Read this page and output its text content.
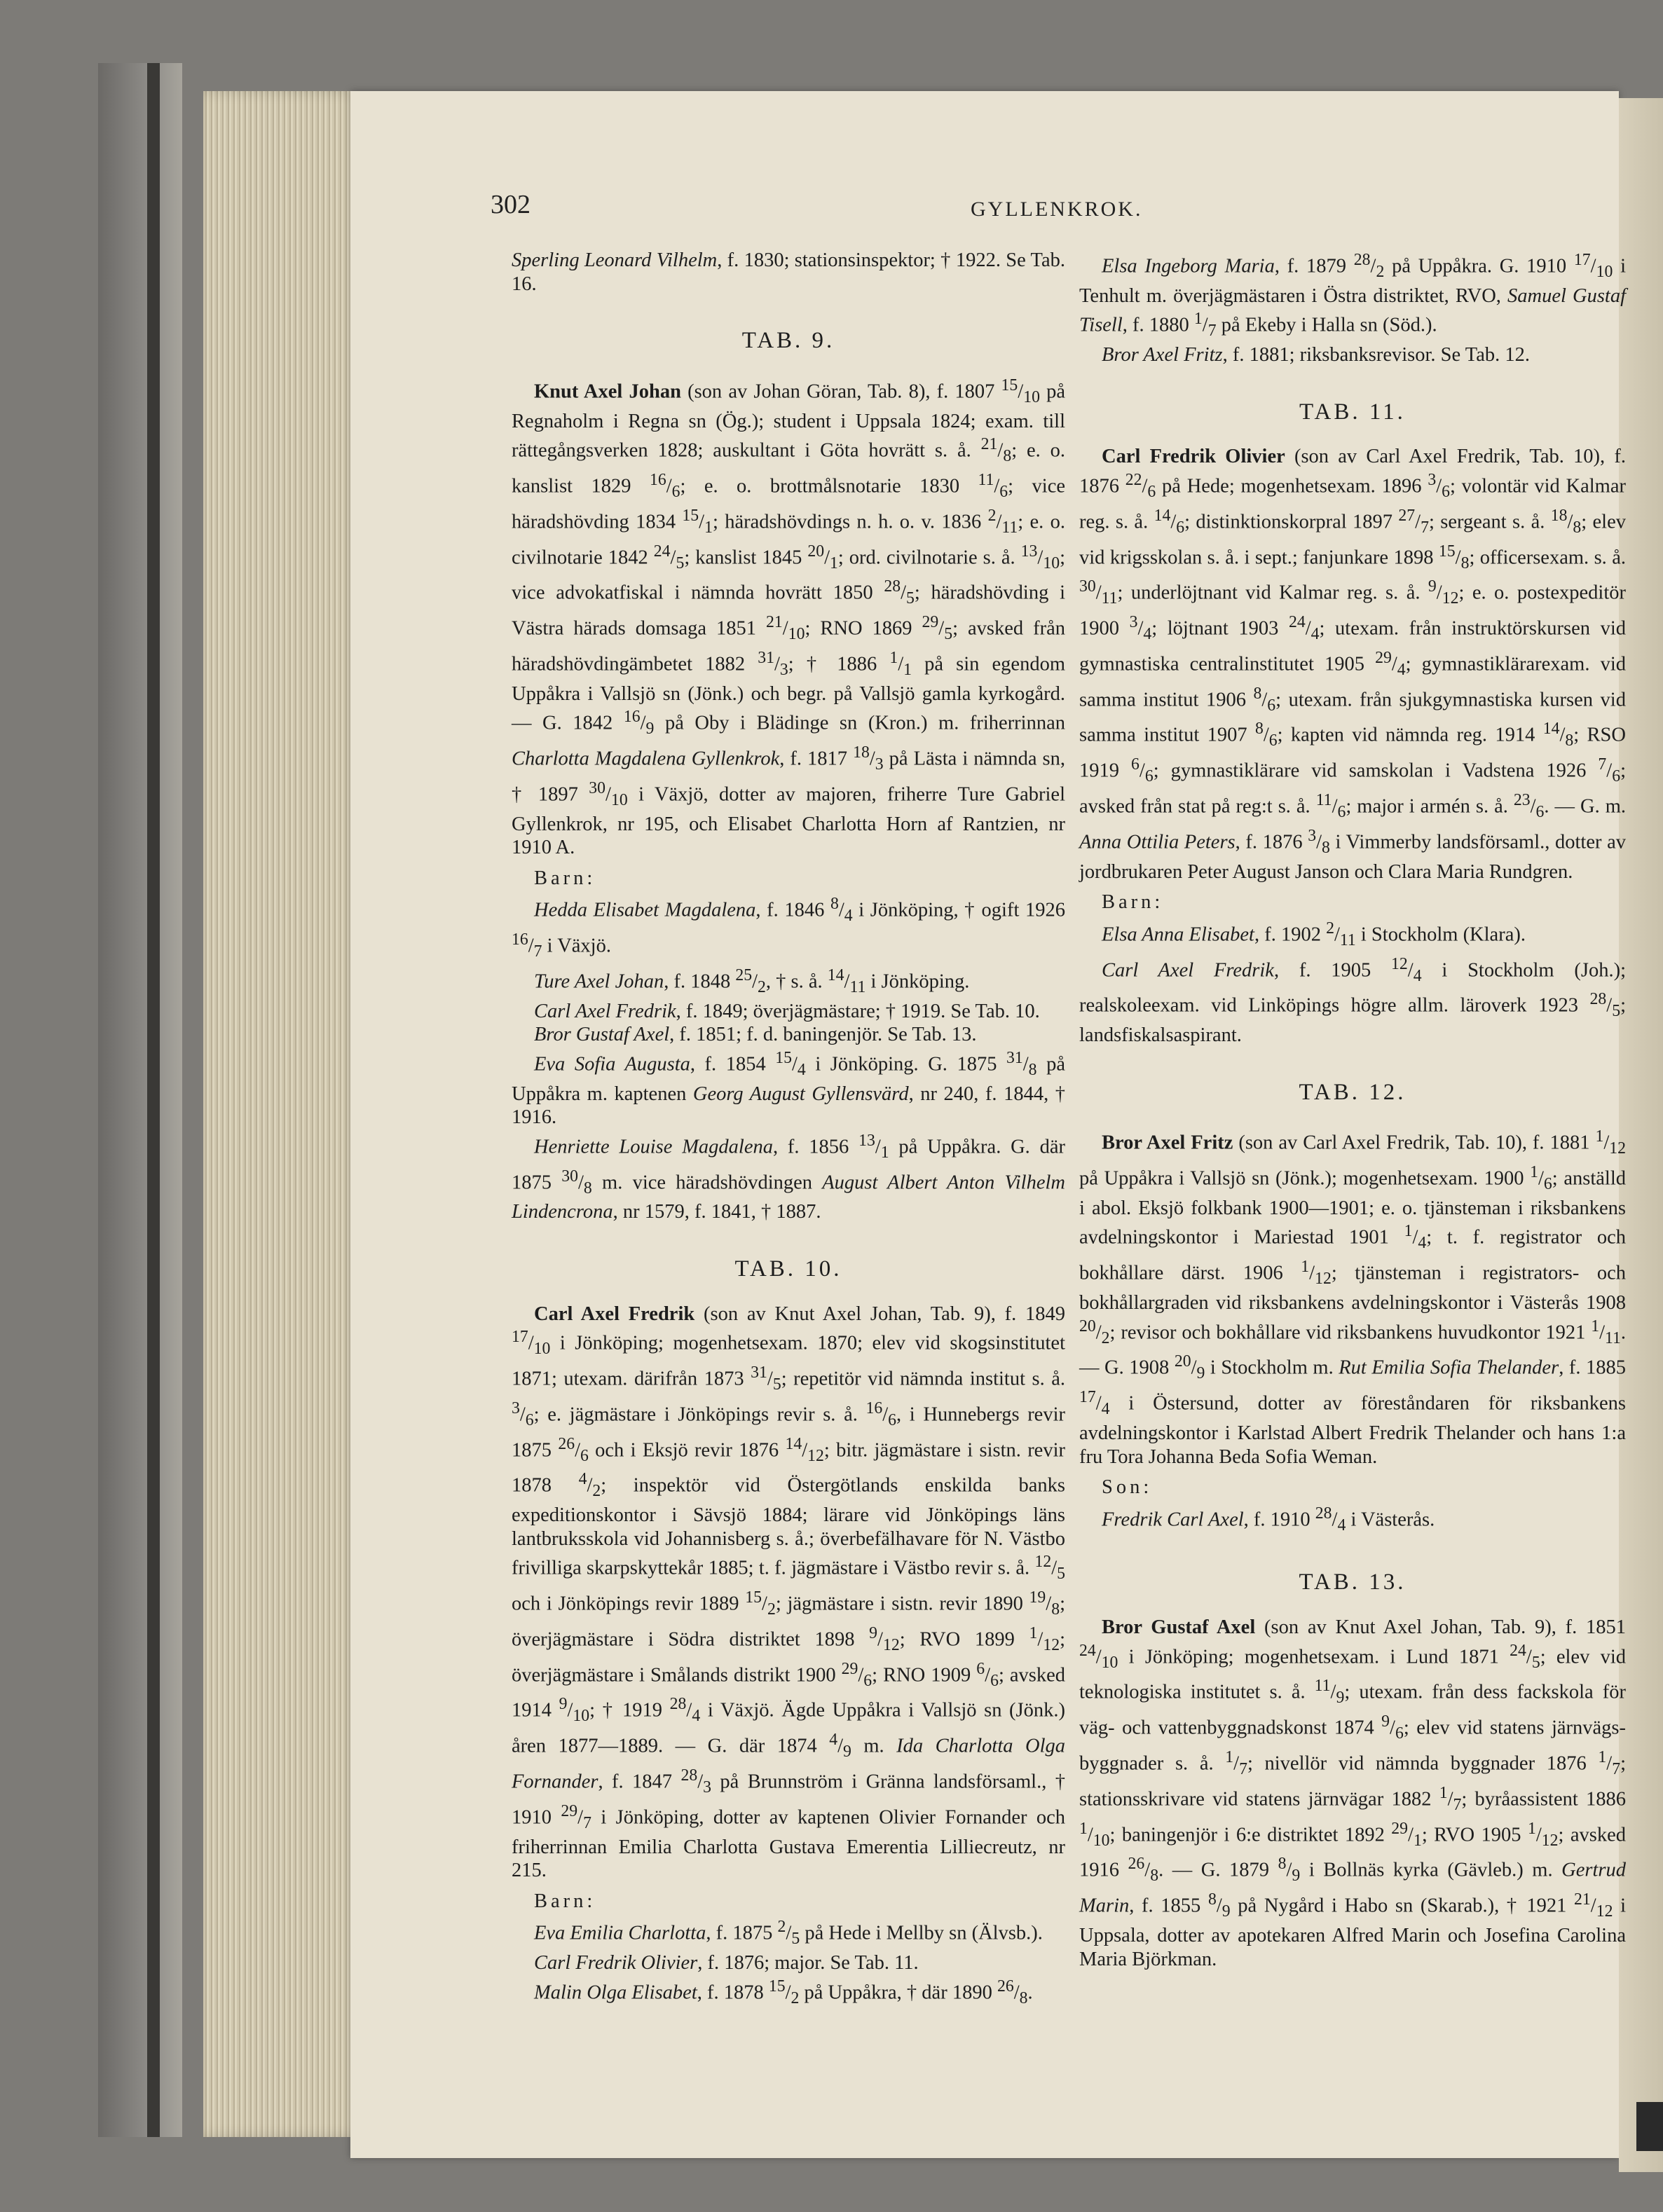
302	GYLLENKROK.

Sperling Leonard Vilhelm, f. 1830; stationsinspektor; † 1922. Se Tab. 16.

TAB. 9.

Knut Axel Johan (son av Johan Göran, Tab. 8), f. 1807 $^{15}/_{10}$ på Regnaholm i Regna sn (Ög.); student i Uppsala 1824; exam. till rättegångsverken 1828; auskultant i Göta hovrätt s. å. $^{21}/_8$; e. o. kanslist 1829 $^{16}/_6$; e. o. brottmålsnotarie 1830 $^{11}/_6$; vice häradshövding 1834 $^{15}/_1$; häradshövdings n. h. o. v. 1836 $^2/_{11}$; e. o. civilnotarie 1842 $^{24}/_5$; kanslist 1845 $^{20}/_1$; ord. civilnotarie s. å. $^{13}/_{10}$; vice advokatfiskal i nämnda hovrätt 1850 $^{28}/_5$; häradshövding i Västra härads domsaga 1851 $^{21}/_{10}$; RNO 1869 $^{29}/_5$; avsked från häradshövdingämbetet 1882 $^{31}/_3$; † 1886 $^1/_1$ på sin egendom Uppåkra i Vallsjö sn (Jönk.) och begr. på Vallsjö gamla kyrkogård. — G. 1842 $^{16}/_9$ på Oby i Blädinge sn (Kron.) m. friherrinnan Charlotta Magdalena Gyllenkrok, f. 1817 $^{18}/_3$ på Lästa i nämnda sn, † 1897 $^{30}/_{10}$ i Växjö, dotter av majoren, friherre Ture Gabriel Gyllenkrok, nr 195, och Elisabet Charlotta Horn af Rantzien, nr 1910 A.

Barn:

Hedda Elisabet Magdalena, f. 1846 $^8/_4$ i Jönköping, † ogift 1926 $^{16}/_7$ i Växjö.

Ture Axel Johan, f. 1848 $^{25}/_2$, † s. å. $^{14}/_{11}$ i Jönköping.

Carl Axel Fredrik, f. 1849; överjägmästare; † 1919. Se Tab. 10.

Bror Gustaf Axel, f. 1851; f. d. baningenjör. Se Tab. 13.

Eva Sofia Augusta, f. 1854 $^{15}/_4$ i Jönköping. G. 1875 $^{31}/_8$ på Uppåkra m. kaptenen Georg August Gyllensvärd, nr 240, f. 1844, † 1916.

Henriette Louise Magdalena, f. 1856 $^{13}/_1$ på Uppåkra. G. där 1875 $^{30}/_8$ m. vice häradshövdingen August Albert Anton Vilhelm Lindencrona, nr 1579, f. 1841, † 1887.

TAB. 10.

Carl Axel Fredrik (son av Knut Axel Johan, Tab. 9), f. 1849 $^{17}/_{10}$ i Jönköping; mogenhetsexam. 1870; elev vid skogsinstitutet 1871; utexam. därifrån 1873 $^{31}/_5$; repetitör vid nämnda institut s. å. $^3/_6$; e. jägmästare i Jönköpings revir s. å. $^{16}/_6$, i Hunnebergs revir 1875 $^{26}/_6$ och i Eksjö revir 1876 $^{14}/_{12}$; bitr. jägmästare i sistn. revir 1878 $^4/_2$; inspektör vid Östergötlands enskilda banks expeditionskontor i Sävsjö 1884; lärare vid Jönköpings läns lantbruksskola vid Johannisberg s. å.; överbefälhavare för N. Västbo frivilliga skarpskyttekår 1885; t. f. jägmästare i Västbo revir s. å. $^{12}/_5$ och i Jönköpings revir 1889 $^{15}/_2$; jägmästare i sistn. revir 1890 $^{19}/_8$; överjägmästare i Södra distriktet 1898 $^9/_{12}$; RVO 1899 $^1/_{12}$; överjägmästare i Smålands distrikt 1900 $^{29}/_6$; RNO 1909 $^6/_6$; avsked 1914 $^9/_{10}$; † 1919 $^{28}/_4$ i Växjö. Ägde Uppåkra i Vallsjö sn (Jönk.) åren 1877—1889. — G. där 1874 $^4/_9$ m. Ida Charlotta Olga Fornander, f. 1847 $^{28}/_3$ på Brunnström i Gränna landsförsaml., † 1910 $^{29}/_7$ i Jönköping, dotter av kaptenen Olivier Fornander och friherrinnan Emilia Charlotta Gustava Emerentia Lilliecreutz, nr 215.

Barn:

Eva Emilia Charlotta, f. 1875 $^2/_5$ på Hede i Mellby sn (Älvsb.).

Carl Fredrik Olivier, f. 1876; major. Se Tab. 11.

Malin Olga Elisabet, f. 1878 $^{15}/_2$ på Uppåkra, † där 1890 $^{26}/_8$.

Elsa Ingeborg Maria, f. 1879 $^{28}/_2$ på Uppåkra. G. 1910 $^{17}/_{10}$ i Tenhult m. överjägmästaren i Östra distriktet, RVO, Samuel Gustaf Tisell, f. 1880 $^1/_7$ på Ekeby i Halla sn (Söd.).

Bror Axel Fritz, f. 1881; riksbanksrevisor. Se Tab. 12.

TAB. 11.

Carl Fredrik Olivier (son av Carl Axel Fredrik, Tab. 10), f. 1876 $^{22}/_6$ på Hede; mogenhetsexam. 1896 $^3/_6$; volontär vid Kalmar reg. s. å. $^{14}/_6$; distinktionskorpral 1897 $^{27}/_7$; sergeant s. å. $^{18}/_8$; elev vid krigsskolan s. å. i sept.; fanjunkare 1898 $^{15}/_8$; officersexam. s. å. $^{30}/_{11}$; underlöjtnant vid Kalmar reg. s. å. $^9/_{12}$; e. o. postexpeditör 1900 $^3/_4$; löjtnant 1903 $^{24}/_4$; utexam. från instruktörskursen vid gymnastiska centralinstitutet 1905 $^{29}/_4$; gymnastiklärarexam. vid samma institut 1906 $^8/_6$; utexam. från sjukgymnastiska kursen vid samma institut 1907 $^8/_6$; kapten vid nämnda reg. 1914 $^{14}/_8$; RSO 1919 $^6/_6$; gymnastiklärare vid samskolan i Vadstena 1926 $^7/_6$; avsked från stat på reg:t s. å. $^{11}/_6$; major i armén s. å. $^{23}/_6$. — G. m. Anna Ottilia Peters, f. 1876 $^3/_8$ i Vimmerby landsförsaml., dotter av jordbrukaren Peter August Janson och Clara Maria Rundgren.

Barn:

Elsa Anna Elisabet, f. 1902 $^2/_{11}$ i Stockholm (Klara).

Carl Axel Fredrik, f. 1905 $^{12}/_4$ i Stockholm (Joh.); realskoleexam. vid Linköpings högre allm. läroverk 1923 $^{28}/_5$; landsfiskalsaspirant.

TAB. 12.

Bror Axel Fritz (son av Carl Axel Fredrik, Tab. 10), f. 1881 $^1/_{12}$ på Uppåkra i Vallsjö sn (Jönk.); mogenhetsexam. 1900 $^1/_6$; anställd i abol. Eksjö folkbank 1900—1901; e. o. tjänsteman i riksbankens avdelningskontor i Mariestad 1901 $^1/_4$; t. f. registrator och bokhållare därst. 1906 $^1/_{12}$; tjänsteman i registrators- och bokhållargraden vid riksbankens avdelningskontor i Västerås 1908 $^{20}/_2$; revisor och bokhållare vid riksbankens huvudkontor 1921 $^1/_{11}$. — G. 1908 $^{20}/_9$ i Stockholm m. Rut Emilia Sofia Thelander, f. 1885 $^{17}/_4$ i Östersund, dotter av föreståndaren för riksbankens avdelningskontor i Karlstad Albert Fredrik Thelander och hans 1:a fru Tora Johanna Beda Sofia Weman.

Son:

Fredrik Carl Axel, f. 1910 $^{28}/_4$ i Västerås.

TAB. 13.

Bror Gustaf Axel (son av Knut Axel Johan, Tab. 9), f. 1851 $^{24}/_{10}$ i Jönköping; mogenhetsexam. i Lund 1871 $^{24}/_5$; elev vid teknologiska institutet s. å. $^{11}/_9$; utexam. från dess fackskola för väg- och vattenbyggnadskonst 1874 $^9/_6$; elev vid statens järnvägsbyggnader s. å. $^1/_7$; nivellör vid nämnda byggnader 1876 $^1/_7$; stationsskrivare vid statens järnvägar 1882 $^1/_7$; byråassistent 1886 $^1/_{10}$; baningenjör i 6:e distriktet 1892 $^{29}/_1$; RVO 1905 $^1/_{12}$; avsked 1916 $^{26}/_8$. — G. 1879 $^8/_9$ i Bollnäs kyrka (Gävleb.) m. Gertrud Marin, f. 1855 $^8/_9$ på Nygård i Habo sn (Skarab.), † 1921 $^{21}/_{12}$ i Uppsala, dotter av apotekaren Alfred Marin och Josefina Carolina Maria Björkman.
